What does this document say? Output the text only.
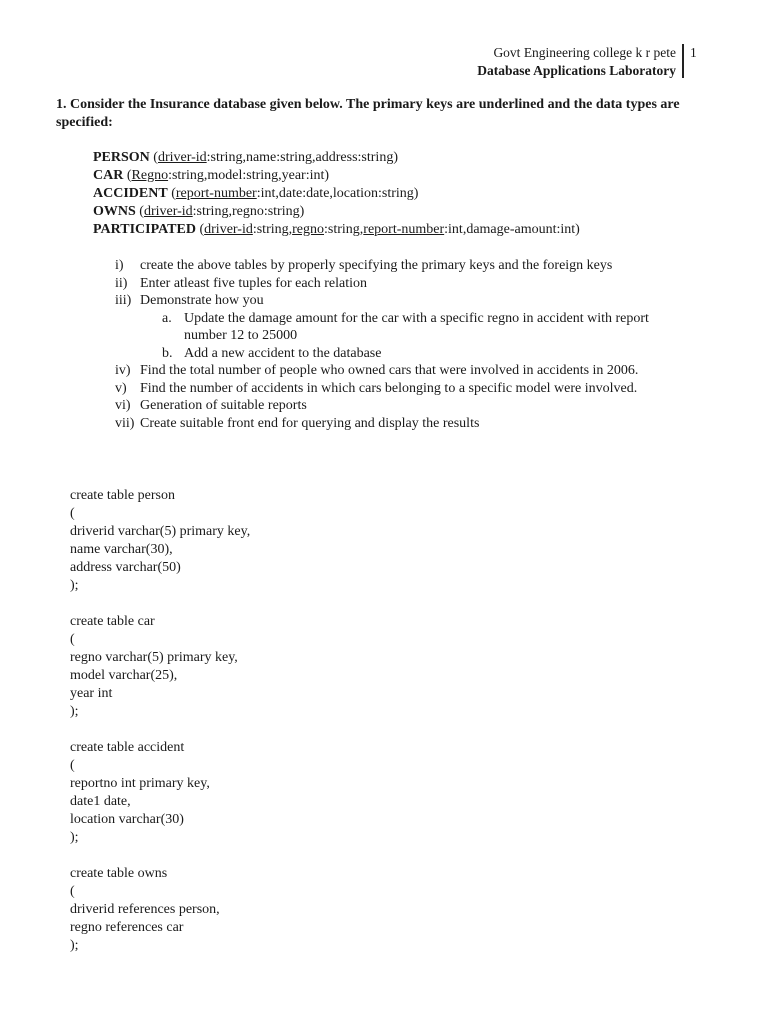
Govt Engineering college k r pete
Database Applications Laboratory
1
1. Consider the Insurance database given below. The primary keys are underlined and the data types are specified:
PERSON (driver-id:string,name:string,address:string)
CAR (Regno:string,model:string,year:int)
ACCIDENT (report-number:int,date:date,location:string)
OWNS (driver-id:string,regno:string)
PARTICIPATED (driver-id:string,regno:string,report-number:int,damage-amount:int)
i)	create the above tables by properly specifying the primary keys and the foreign keys
ii) Enter atleast five tuples for each relation
iii) Demonstrate how you
a. Update the damage amount for the car with a specific regno in accident with report number 12 to 25000
b. Add a new accident to the database
iv) Find the total number of people who owned cars that were involved in accidents in 2006.
v) Find the number of accidents in which cars belonging to a specific model were involved.
vi) Generation of suitable reports
vii) Create suitable front end for querying and display the results
create table person
(
driverid varchar(5) primary key,
name varchar(30),
address varchar(50)
);
create table car
(
regno varchar(5) primary key,
model varchar(25),
year int
);
create table accident
(
reportno int primary key,
date1 date,
location varchar(30)
);
create table owns
(
driverid references person,
regno references car
);
